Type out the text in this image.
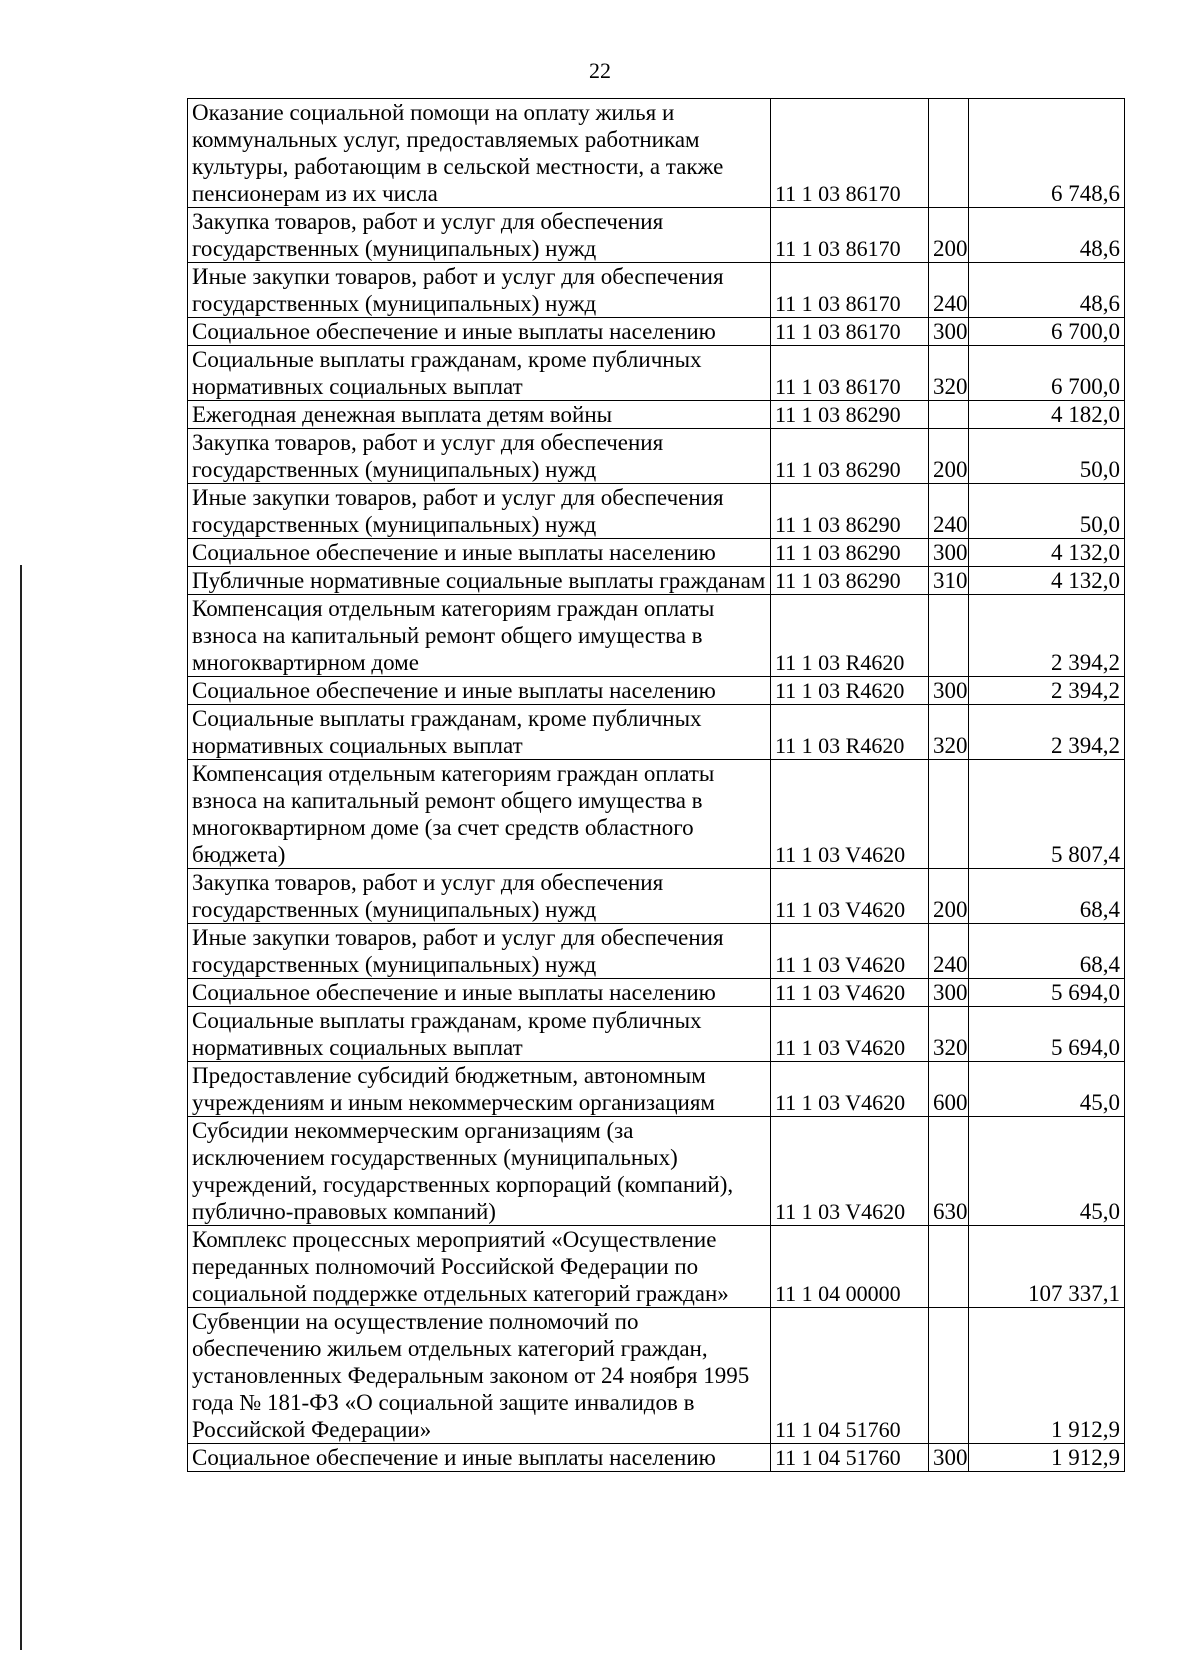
22
Оказание социальной помощи на оплату жилья и коммунальных услуг, предоставляемых работникам культуры, работающим в сельской местности, а также пенсионерам из их числа	11 1 03 86170		6 748,6
Закупка товаров, работ и услуг для обеспечения государственных (муниципальных) нужд	11 1 03 86170	200	48,6
Иные закупки товаров, работ и услуг для обеспечения государственных (муниципальных) нужд	11 1 03 86170	240	48,6
Социальное обеспечение и иные выплаты населению	11 1 03 86170	300	6 700,0
Социальные выплаты гражданам, кроме публичных нормативных социальных выплат	11 1 03 86170	320	6 700,0
Ежегодная денежная выплата детям войны	11 1 03 86290		4 182,0
Закупка товаров, работ и услуг для обеспечения государственных (муниципальных) нужд	11 1 03 86290	200	50,0
Иные закупки товаров, работ и услуг для обеспечения государственных (муниципальных) нужд	11 1 03 86290	240	50,0
Социальное обеспечение и иные выплаты населению	11 1 03 86290	300	4 132,0
Публичные нормативные социальные выплаты гражданам	11 1 03 86290	310	4 132,0
Компенсация отдельным категориям граждан оплаты взноса на капитальный ремонт общего имущества в многоквартирном доме	11 1 03 R4620		2 394,2
Социальное обеспечение и иные выплаты населению	11 1 03 R4620	300	2 394,2
Социальные выплаты гражданам, кроме публичных нормативных социальных выплат	11 1 03 R4620	320	2 394,2
Компенсация отдельным категориям граждан оплаты взноса на капитальный ремонт общего имущества в многоквартирном доме (за счет средств областного бюджета)	11 1 03 V4620		5 807,4
Закупка товаров, работ и услуг для обеспечения государственных (муниципальных) нужд	11 1 03 V4620	200	68,4
Иные закупки товаров, работ и услуг для обеспечения государственных (муниципальных) нужд	11 1 03 V4620	240	68,4
Социальное обеспечение и иные выплаты населению	11 1 03 V4620	300	5 694,0
Социальные выплаты гражданам, кроме публичных нормативных социальных выплат	11 1 03 V4620	320	5 694,0
Предоставление субсидий бюджетным, автономным учреждениям и иным некоммерческим организациям	11 1 03 V4620	600	45,0
Субсидии некоммерческим организациям (за исключением государственных (муниципальных) учреждений, государственных корпораций (компаний), публично-правовых компаний)	11 1 03 V4620	630	45,0
Комплекс процессных мероприятий «Осуществление переданных полномочий Российской Федерации по социальной поддержке отдельных категорий граждан»	11 1 04 00000		107 337,1
Субвенции на осуществление полномочий по обеспечению жильем отдельных категорий граждан, установленных Федеральным законом от 24 ноября 1995 года № 181-ФЗ «О социальной защите инвалидов в Российской Федерации»	11 1 04 51760		1 912,9
Социальное обеспечение и иные выплаты населению	11 1 04 51760	300	1 912,9
